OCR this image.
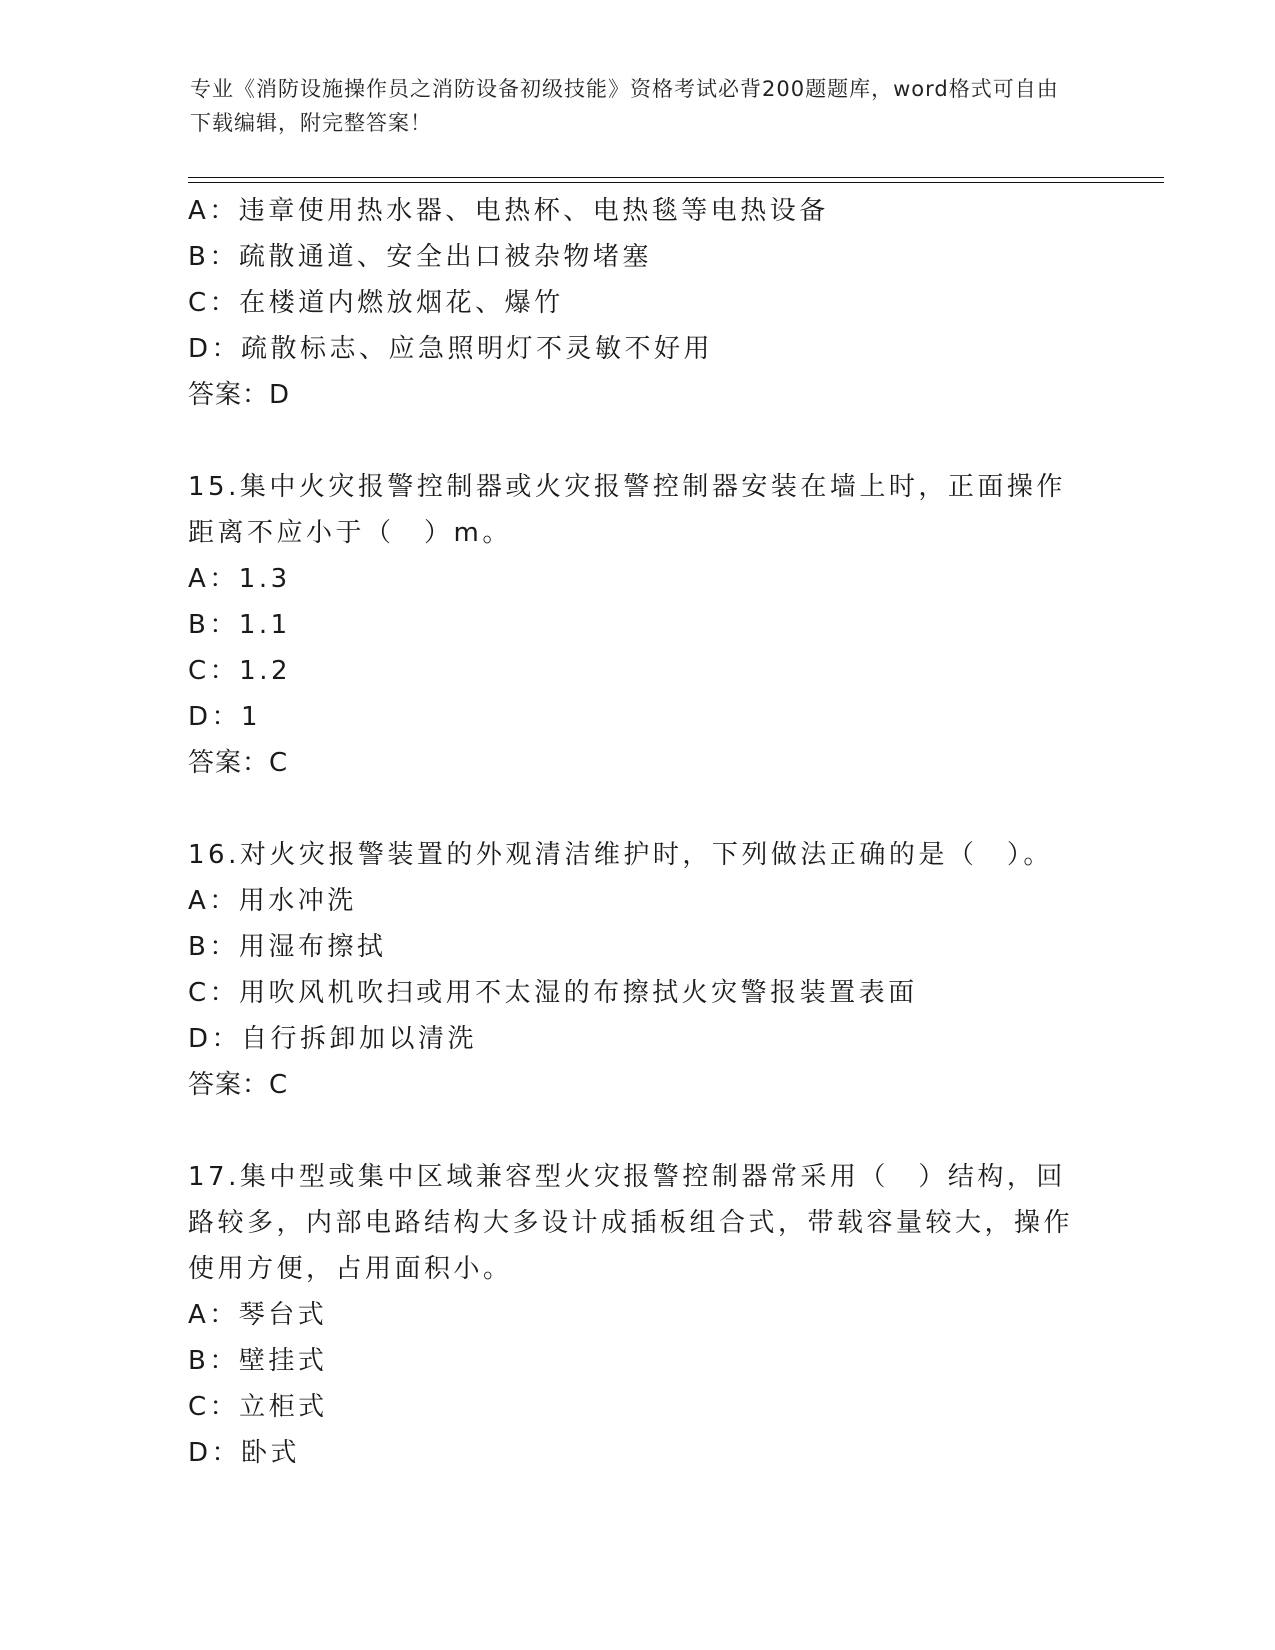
专业《消防设施操作员之消防设备初级技能》资格考试必背200题题库，word格式可自由下载编辑，附完整答案！
A：违章使用热水器、电热杯、电热毯等电热设备
B：疏散通道、安全出口被杂物堵塞
C：在楼道内燃放烟花、爆竹
D：疏散标志、应急照明灯不灵敏不好用
答案：D
15.集中火灾报警控制器或火灾报警控制器安装在墙上时，正面操作距离不应小于（　）m。
A：1.3
B：1.1
C：1.2
D：1
答案：C
16.对火灾报警装置的外观清洁维护时，下列做法正确的是（　）。
A：用水冲洗
B：用湿布擦拭
C：用吹风机吹扫或用不太湿的布擦拭火灾警报装置表面
D：自行拆卸加以清洗
答案：C
17.集中型或集中区域兼容型火灾报警控制器常采用（　）结构，回路较多，内部电路结构大多设计成插板组合式，带载容量较大，操作使用方便，占用面积小。
A：琴台式
B：壁挂式
C：立柜式
D：卧式
